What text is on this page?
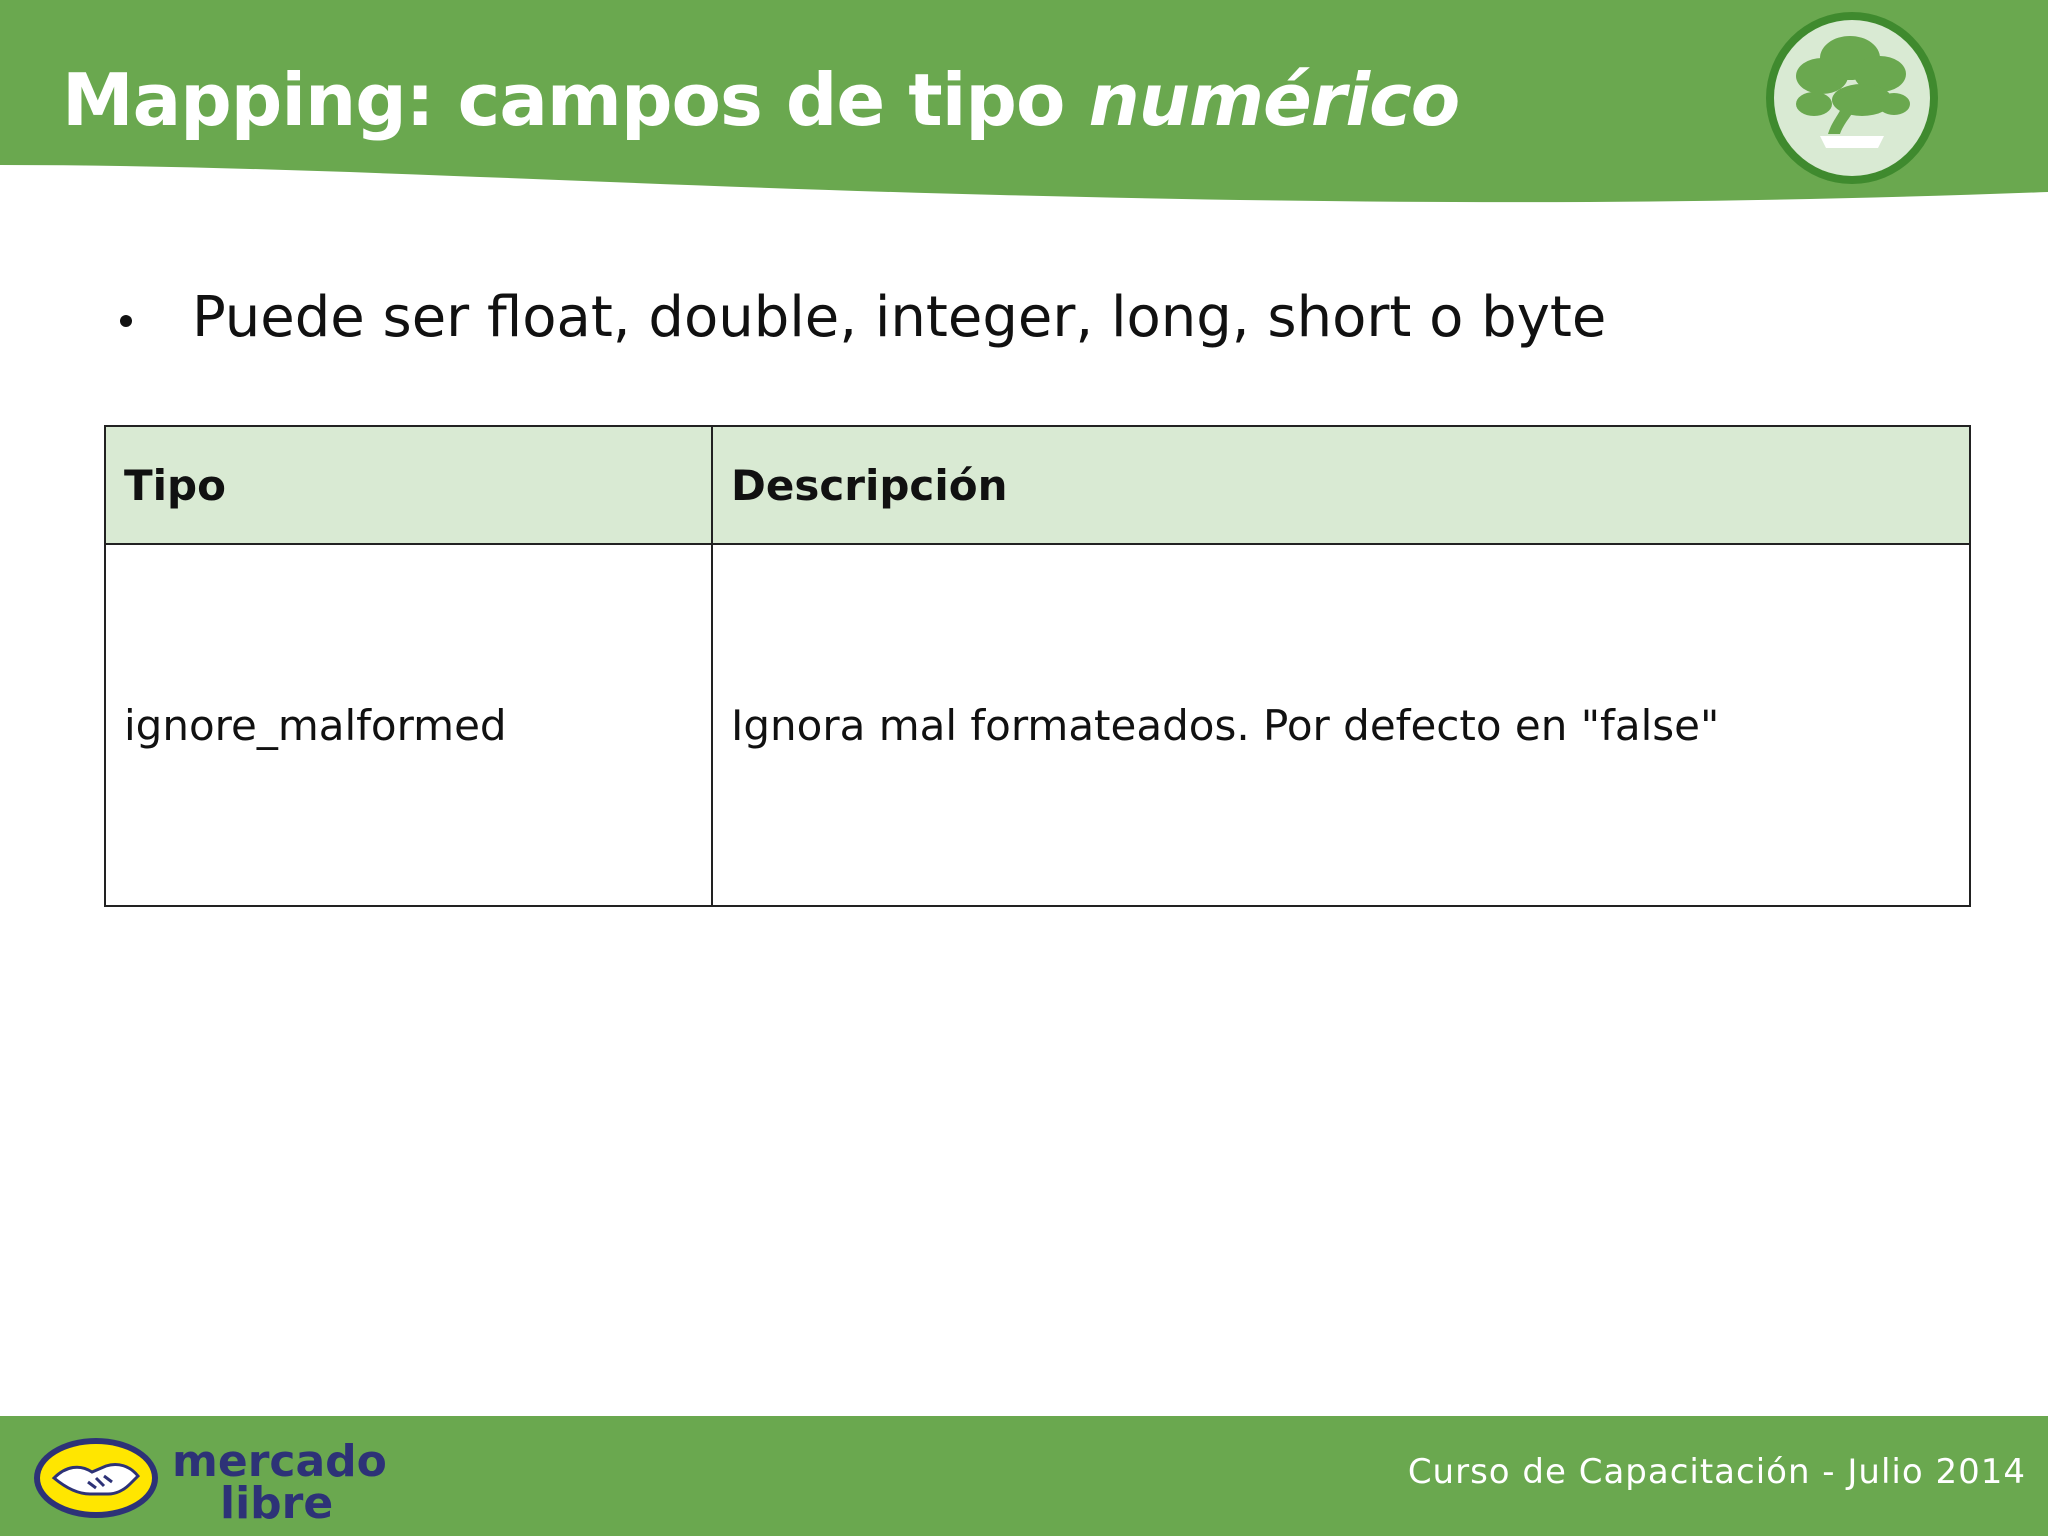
Mapping: campos de tipo numérico

Puede ser float, double, integer, long, short o byte

Tipo	Descripción
ignore_malformed	Ignora mal formateados. Por defecto en "false"
mercado
libre
Curso de Capacitación - Julio 2014
